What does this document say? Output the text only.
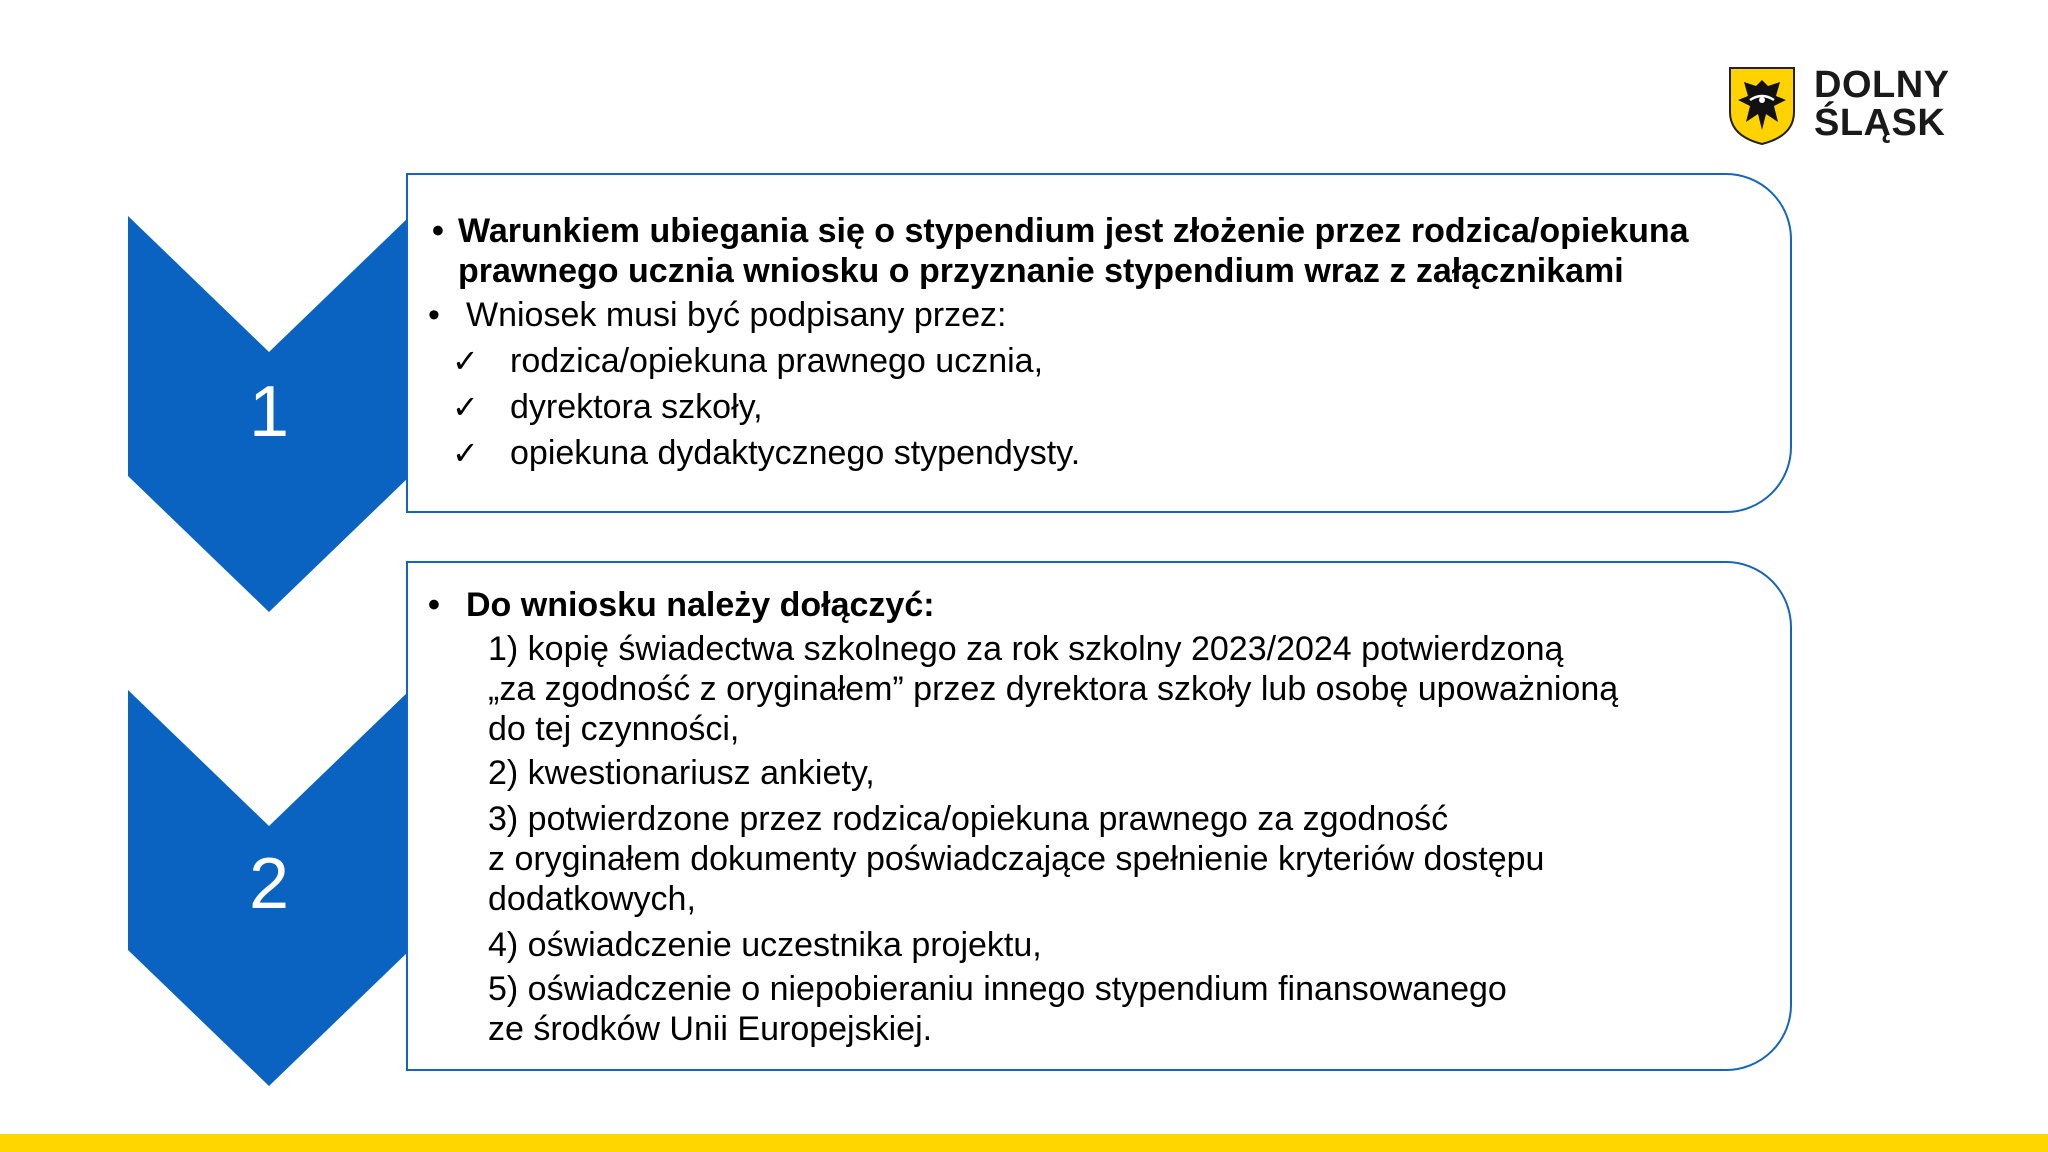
DOLNY
ŚLĄSK
1
• Warunkiem ubiegania się o stypendium jest złożenie przez rodzica/opiekuna
prawnego ucznia wniosku o przyznanie stypendium wraz z załącznikami
• Wniosek musi być podpisany przez:
✓ rodzica/opiekuna prawnego ucznia,
✓ dyrektora szkoły,
✓ opiekuna dydaktycznego stypendysty.
2
• Do wniosku należy dołączyć:
1) kopię świadectwa szkolnego za rok szkolny 2023/2024 potwierdzoną
„za zgodność z oryginałem” przez dyrektora szkoły lub osobę upoważnioną
do tej czynności,
2) kwestionariusz ankiety,
3) potwierdzone przez rodzica/opiekuna prawnego za zgodność
z oryginałem dokumenty poświadczające spełnienie kryteriów dostępu
dodatkowych,
4) oświadczenie uczestnika projektu,
5) oświadczenie o niepobieraniu innego stypendium finansowanego
ze środków Unii Europejskiej.
